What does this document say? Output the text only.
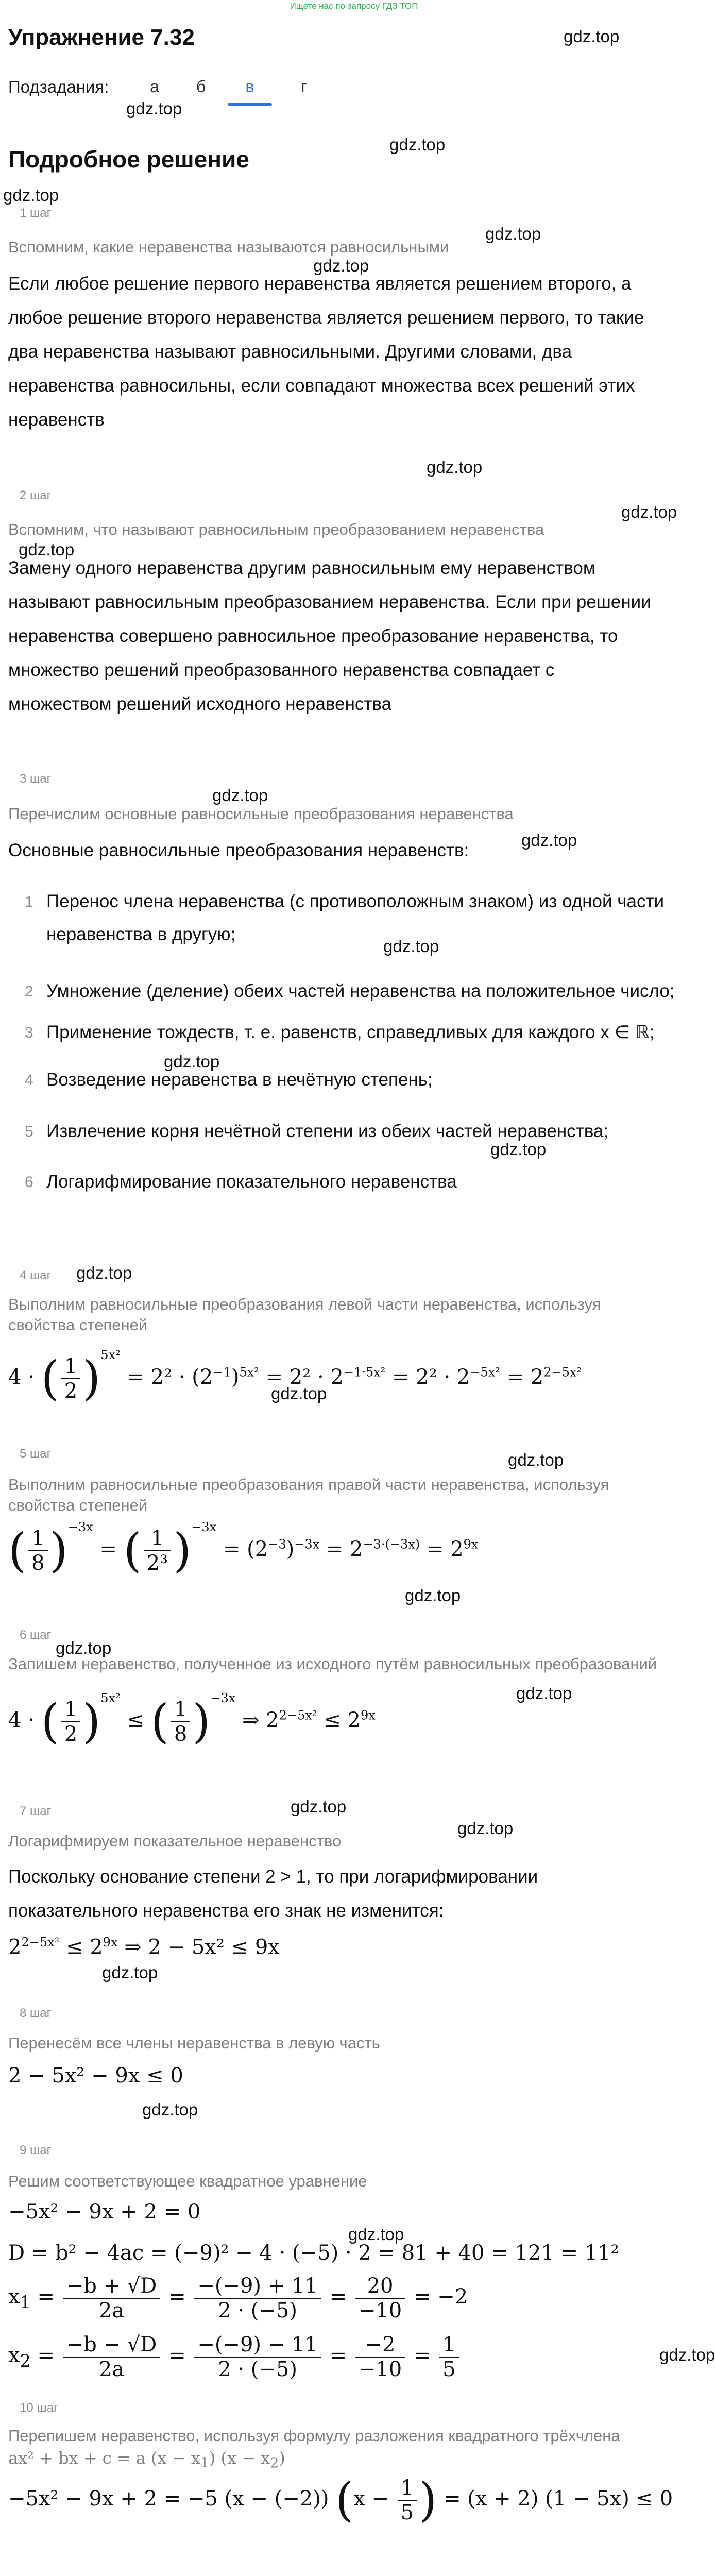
Ищете нас по запросу ГДЗ ТОП
Упражнение 7.32
Подзадания:	а	б	в	г
gdz.top
gdz.top
gdz.top
Подробное решение
gdz.top
1 шаг
gdz.top
Вспомним, какие неравенства называются равносильными
gdz.top
Если любое решение первого неравенства является решением второго, а
любое решение второго неравенства является решением первого, то такие
два неравенства называют равносильными. Другими словами, два
неравенства равносильны, если совпадают множества всех решений этих
неравенств
gdz.top
2 шаг
gdz.top
Вспомним, что называют равносильным преобразованием неравенства
gdz.top
Замену одного неравенства другим равносильным ему неравенством
называют равносильным преобразованием неравенства. Если при решении
неравенства совершено равносильное преобразование неравенства, то
множество решений преобразованного неравенства совпадает с
множеством решений исходного неравенства
3 шаг
gdz.top
Перечислим основные равносильные преобразования неравенства
gdz.top
Основные равносильные преобразования неравенств:
1 Перенос члена неравенства (с противоположным знаком) из одной части
неравенства в другую;
gdz.top
2 Умножение (деление) обеих частей неравенства на положительное число;
3 Применение тождеств, т. е. равенств, справедливых для каждого x ∈ ℝ;
gdz.top
4 Возведение неравенства в нечётную степень;
5 Извлечение корня нечётной степени из обеих частей неравенства;
gdz.top
6 Логарифмирование показательного неравенства
4 шаг gdz.top
Выполним равносильные преобразования левой части неравенства, используя
свойства степеней
4 · ( $\frac{1}{2} )^{5x^2} = 2^2 \cdot (2^{-1})^{5x^2} = 2^2 \cdot 2^{-1\cdot 5x^2} = 2^2 \cdot 2^{-5x^2} = 2^{2-5x^2}$
gdz.top
gdz.top
5 шаг
Выполним равносильные преобразования правой части неравенства, используя
свойства степеней
( $\frac{1}{8} )^{-3x}$ = ( $\frac{1}{\text{2³}} )^{-3x} = (2^{-3})^{-3x} = 2^{-3\cdot(-3x)} = 2^{9x}$
gdz.top
6 шаг
gdz.top
Запишем неравенство, полученное из исходного путём равносильных преобразований
gdz.top
4 · ( $\frac{1}{2} )^{5x^2}$ ≤ ( $\frac{1}{8} )^{-3x}$ ⇒ $2^{2-5x^2} \le 2^{9x}$
gdz.top
7 шаг
gdz.top
Логарифмируем показательное неравенство
Поскольку основание степени 2 > 1, то при логарифмировании
показательного неравенства его знак не изменится:
$2^{2-5x^2} \le 2^{9x}$ ⇒ 2 − 5x² ≤ 9x
gdz.top
8 шаг
Перенесём все члены неравенства в левую часть
2 − 5x² − 9x ≤ 0
gdz.top
9 шаг
Решим соответствующее квадратное уравнение
−5x² − 9x + 2 = 0
gdz.top
D = b² − 4ac = (−9)² − 4 · (−5) · 2 = 81 + 40 = 121 = 11²
$x_1 = \frac{-b + √D}{2a} = \frac{-(-9) + 11}{2 \cdot (-5)} = \frac{20}{-10} = -2$
$x_2 = \frac{-b - √D}{2a} = \frac{-(-9) - 11}{2 \cdot (-5)} = \frac{-2}{-10} = \frac{1}{5}$	gdz.top
10 шаг
Перепишем неравенство, используя формулу разложения квадратного трёхчлена
ax² + bx + c = a $(x - x_1)$ $(x - x_2)$
−5x² − 9x + 2 = −5 (x − (−2)) ($x - \frac{1}{5}$ ) = (x + 2) (1 − 5x) ≤ 0
